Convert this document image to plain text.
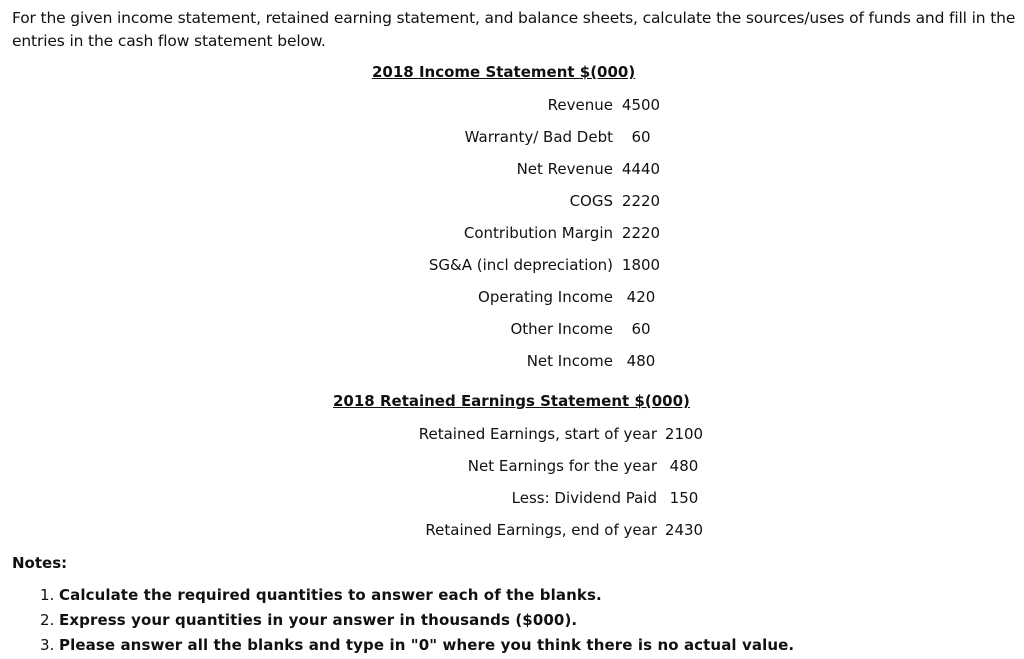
For the given income statement, retained earning statement, and balance sheets, calculate the sources/uses of funds and fill in the entries in the cash flow statement below.

2018 Income Statement $(000)
Revenue 4500
Warranty/ Bad Debt	60
Net Revenue 4440
COGS 2220
Contribution Margin 2220
SG&A (incl depreciation) 1800
Operating Income 420
Other Income	60
Net Income 480
2018 Retained Earnings Statement $(000)
Retained Earnings, start of year 2100
Net Earnings for the year 480
Less: Dividend Paid 150
Retained Earnings, end of year 2430
Notes:
1. Calculate the required quantities to answer each of the blanks.
2. Express your quantities in your answer in thousands ($000).
3. Please answer all the blanks and type in "0" where you think there is no actual value.
